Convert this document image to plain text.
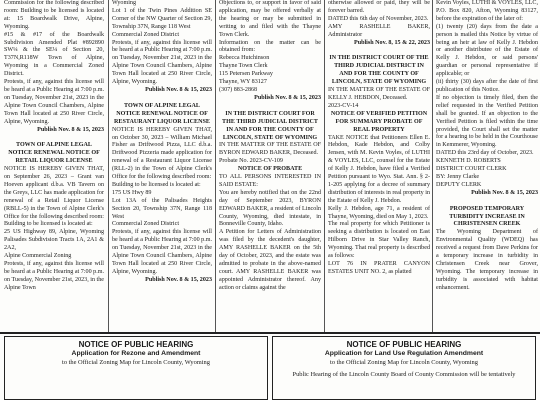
Commission for the following described room: Building to be licensed is located at: 15 Boardwalk Drive, Alpine, Wyoming.

#15 & #17 of the Boardwalk Subdivision Amended Plat #892890 SW¼ & the SE¼ of Section 20, T37N,R118W Town of Alpine, Wyoming in a Commercial Zoned District.

Protests, if any, against this license will be heard at a Public Hearing at 7:00 p.m. on Tuesday, November 21st, 2023 in the Alpine Town Council Chambers, Alpine Town Hall located at 250 River Circle, Alpine, Wyoming.

Publish Nov. 8 & 15, 2023

TOWN OF ALPINE LEGAL NOTICE RENEWAL NOTICE OF RETAIL LIQUOR LICENSE

NOTICE IS HEREBY GIVEN THAT, on September 26, 2023 – Grant van Hoeven applicant d.b.a. VB Tavern on the Greys, LLC has made application for renewal of a Retail Liquor License (RBLL-5) in the Town of Alpine Clerk's Office for the following described room: Building to be licensed is located at:

25 US Highway 89, Alpine, Wyoming Palisades Subdivision Tracts 1A, 2A1 & 2A2,

Alpine Commercial Zoning

Protests, if any, against this license will be heard at a Public Hearing at 7:00 p.m. on Tuesday, November 21st, 2023, in the Alpine Town

Wyoming

Lot 1 of the Twin Pines Addition SE Corner of the NW Quarter of Section 29, Township 37N, Range 118 West

Commercial Zoned District

Protests, if any, against this license will be heard at a Public Hearing at 7:00 p.m. on Tuesday, November 21st, 2023 in the Alpine Town Council Chambers, Alpine Town Hall located at 250 River Circle, Alpine, Wyoming.

Publish Nov. 8 & 15, 2023

TOWN OF ALPINE LEGAL NOTICE RENEWAL NOTICE OF RESTAURANT LIQUOR LICENSE

NOTICE IS HEREBY GIVEN THAT, on October 30, 2023 – William Michael Fisher as Driftwood Pizza, LLC d.b.a. Driftwood Pizzeria made application for renewal of a Restaurant Liquor License (RLL-2) in the Town of Alpine Clerk's Office for the following described room:

Building to be licensed is located at:

175 US Hwy 89

Lot 13A of the Palisades Heights Section 20, Township 37N, Range 118 West

Commercial Zoned District

Protests, if any, against this license will be heard at a Public Hearing at 7:00 p.m. on Tuesday, November 21st, 2023 in the Alpine Town Council Chambers, Alpine Town Hall located at 250 River Circle, Alpine, Wyoming.

Publish Nov. 8 & 15, 2023

Objections to, or support in favor of said application, may be offered verbally at the hearing or may be submitted in writing to and filed with the Thayne Town Clerk.

Information on the matter can be obtained from:

Rebecca Hutchinson

Thayne Town Clerk

115 Petersen Parkway

Thayne, WY 83127

(307) 883-2868

Publish Nov. 8 & 15, 2023

IN THE DISTRICT COURT FOR THE THIRD JUDICIAL DISTRICT IN AND FOR THE COUNTY OF LINCOLN, STATE OF WYOMING

IN THE MATTER OF THE ESTATE OF BYRON EDWARD BAKER, Deceased.

Probate No. 2023-CV-109

NOTICE OF PROBATE

TO ALL PERSONS INTERESTED IN SAID ESTATE:

You are hereby notified that on the 22nd day of September 2023, BYRON EDWARD BAKER, a resident of Lincoln County, Wyoming, died intestate, in Bonneville County, Idaho.

A Petition for Letters of Administration was filed by the decedent's daughter, AMY RASHELLE BAKER on the 5th day of October, 2023, and the estate was admitted to probate in the above-named court. AMY RASHELLE BAKER was appointed Administrator thereof. Any action or claims against the

otherwise allowed or paid, they will be forever barred.

DATED this 6th day of November, 2023.

AMY RASHELLE BAKER, Administrator

Publish Nov. 8, 15 & 22, 2023

IN THE DISTRICT COURT OF THE THIRD JUDICIAL DISTRICT IN AND FOR THE COUNTY OF LINCOLN, STATE OF WYOMING

IN THE MATTER OF THE ESTATE OF KELLY J. HEBDON, Deceased.

2023-CV-14

NOTICE OF VERIFIED PETITION FOR SUMMARY PROBATE OF REAL PROPERTY

TAKE NOTICE that Petitioners Ellen E. Hebdon, Kade Hebdon, and Colby Jensen, with M. Kevin Voyles, of LUTHI & VOYLES, LLC, counsel for the Estate of Kelly J. Hebdon, have filed a Verified Petition pursuant to Wyo. Stat. Ann. § 2-1-205 applying for a decree of summary distribution of interests in real property in the Estate of Kelly J. Hebdon.

Kelly J. Hebdon, age 71, a resident of Thayne, Wyoming, died on May 1, 2023.

The real property for which Petitioner is seeking a distribution is located on East Hilborn Drive in Star Valley Ranch, Wyoming. That real property is described as follows:

LOT 76 IN PRATER CANYON ESTATES UNIT NO. 2, as platted

Kevin Voyles, LUTHI & VOYLES, LLC, P.O. Box 820, Afton, Wyoming 83127, before the expiration of the later of:

(1) twenty (20) days from the date a person is mailed this Notice by virtue of being an heir at law of Kelly J. Hebdon or another distributee of the Estate of Kelly J. Hebdon, or said persons' guardian or personal representative if applicable; or

(ii) thirty (30) days after the date of first publication of this Notice.

If no objection is timely filed, then the relief requested in the Verified Petition shall be granted. If an objection to the Verified Petition is filed within the time provided, the Court shall set the matter for a hearing to be held in the Courthouse in Kemmerer, Wyoming.

DATED this 23rd day of October, 2023.

KENNETH D. ROBERTS

DISTRICT COURT CLERK

BY: Jenny Clarke

DEPUTY CLERK

Publish Nov. 8 & 15, 2023

PROPOSED TEMPORARY TURBIDITY INCREASE IN CHRISTENSEN CREEK

The Wyoming Department of Environmental Quality (WDEQ) has received a request from Dave Perkins for a temporary increase in turbidity in Christensen Creek near Grover, Wyoming. The temporary increase in turbidity is associated with habitat enhancement.

NOTICE OF PUBLIC HEARING
Application for Rezone and Amendment
to the Official Zoning Map for Lincoln County, Wyoming
NOTICE OF PUBLIC HEARING
Application for Land Use Regulation Amendment
to the Official Zoning Map for Lincoln County, Wyoming
Public Hearing of the Lincoln County Board of County Commission will be tentatively
